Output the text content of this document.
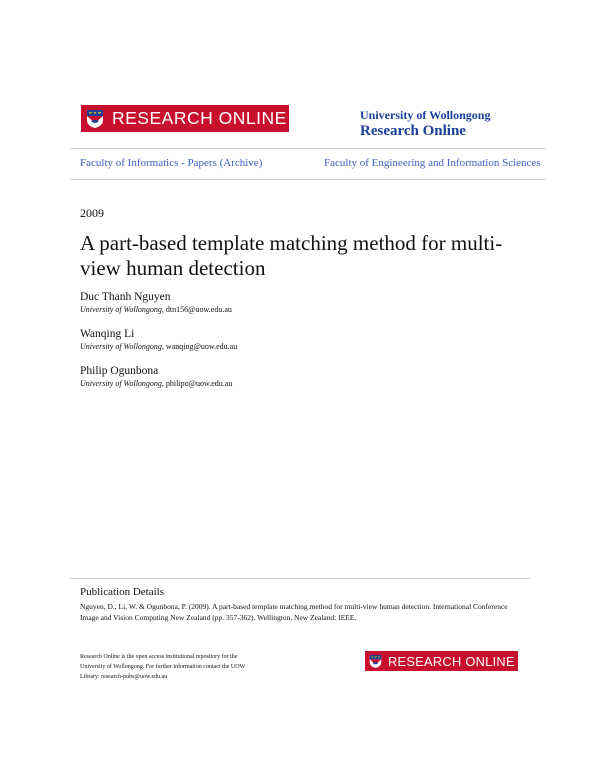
RESEARCH ONLINE	University of Wollongong
Research Online
Faculty of Informatics - Papers (Archive)	Faculty of Engineering and Information Sciences
2009
A part-based template matching method for multi-view human detection
Duc Thanh Nguyen
University of Wollongong, dtn156@uow.edu.au
Wanqing Li
University of Wollongong, wanqing@uow.edu.au
Philip Ogunbona
University of Wollongong, philipo@uow.edu.au
Publication Details
Nguyen, D., Li, W. & Ogunbona, P. (2009). A part-based template matching method for multi-view human detection. International Conference Image and Vision Computing New Zealand (pp. 357-362). Wellington, New Zealand: IEEE.
Research Online is the open access institutional repository for the
University of Wollongong. For further information contact the UOW
Library: research-pubs@uow.edu.au
RESEARCH ONLINE
